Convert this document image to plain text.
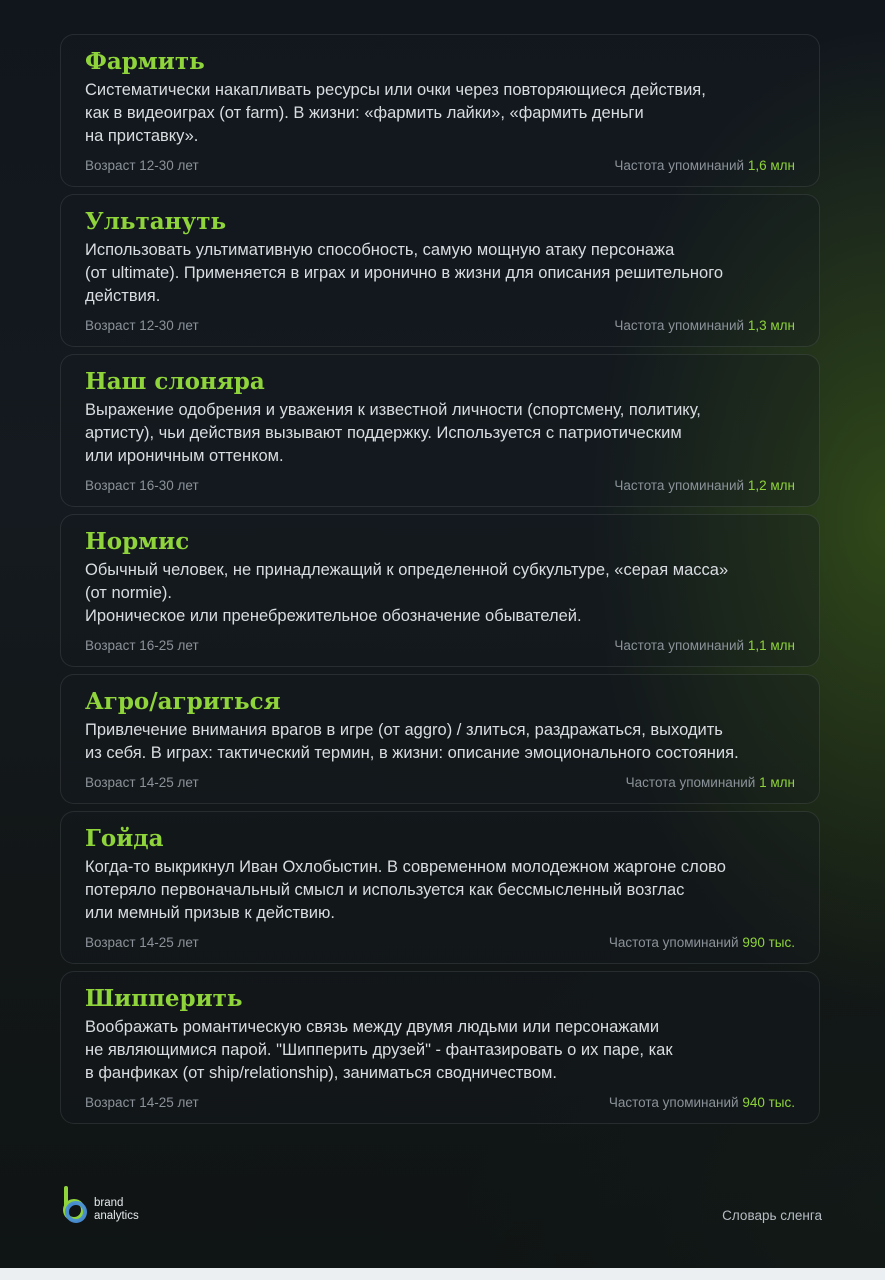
Фармить
Систематически накапливать ресурсы или очки через повторяющиеся действия,
как в видеоиграх (от farm). В жизни: «фармить лайки», «фармить деньги
на приставку».
Возраст 12-30 лет	Частота упоминаний 1,6 млн
Ультануть
Использовать ультимативную способность, самую мощную атаку персонажа
(от ultimate). Применяется в играх и иронично в жизни для описания решительного
действия.
Возраст 12-30 лет	Частота упоминаний 1,3 млн
Наш слоняра
Выражение одобрения и уважения к известной личности (спортсмену, политику,
артисту), чьи действия вызывают поддержку. Используется с патриотическим
или ироничным оттенком.
Возраст 16-30 лет	Частота упоминаний 1,2 млн
Нормис
Обычный человек, не принадлежащий к определенной субкультуре, «серая масса»
(от normie).
Ироническое или пренебрежительное обозначение обывателей.
Возраст 16-25 лет	Частота упоминаний 1,1 млн
Агро/агриться
Привлечение внимания врагов в игре (от aggro) / злиться, раздражаться, выходить
из себя. В играх: тактический термин, в жизни: описание эмоционального состояния.
Возраст 14-25 лет	Частота упоминаний 1 млн
Гойда
Когда-то выкрикнул Иван Охлобыстин. В современном молодежном жаргоне слово
потеряло первоначальный смысл и используется как бессмысленный возглас
или мемный призыв к действию.
Возраст 14-25 лет	Частота упоминаний 990 тыс.
Шипперить
Воображать романтическую связь между двумя людьми или персонажами
не являющимися парой. "Шипперить друзей" - фантазировать о их паре, как
в фанфиках (от ship/relationship), заниматься сводничеством.
Возраст 14-25 лет	Частота упоминаний 940 тыс.
brand
analytics	Словарь сленга
